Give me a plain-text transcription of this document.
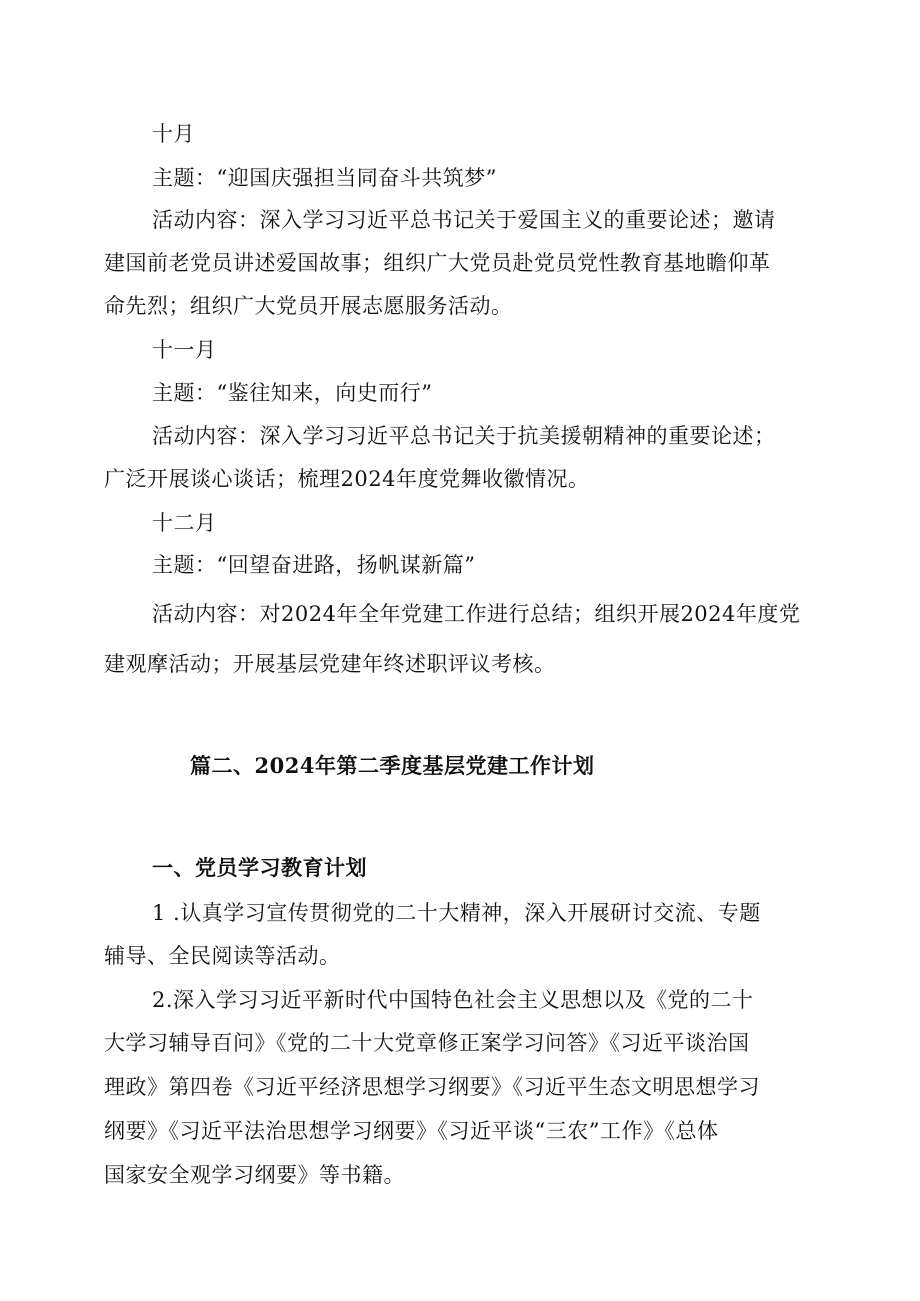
十月
主题：“迎国庆强担当同奋斗共筑梦”
活动内容：深入学习习近平总书记关于爱国主义的重要论述；邀请
建国前老党员讲述爱国故事；组织广大党员赴党员党性教育基地瞻仰革
命先烈；组织广大党员开展志愿服务活动。
十一月
主题：“鉴往知来，向史而行”
活动内容：深入学习习近平总书记关于抗美援朝精神的重要论述；
广泛开展谈心谈话；梳理2024年度党舞收徽情况。
十二月
主题：“回望奋进路，扬帆谋新篇”
活动内容：对2024年全年党建工作进行总结；组织开展2024年度党
建观摩活动；开展基层党建年终述职评议考核。
篇二、2024年第二季度基层党建工作计划
一、党员学习教育计划
1 .认真学习宣传贯彻党的二十大精神，深入开展研讨交流、专题
辅导、全民阅读等活动。
2.深入学习习近平新时代中国特色社会主义思想以及《党的二十
大学习辅导百问》《党的二十大党章修正案学习问答》《习近平谈治国
理政》第四卷《习近平经济思想学习纲要》《习近平生态文明思想学习
纲要》《习近平法治思想学习纲要》《习近平谈“三农”工作》《总体
国家安全观学习纲要》等书籍。
